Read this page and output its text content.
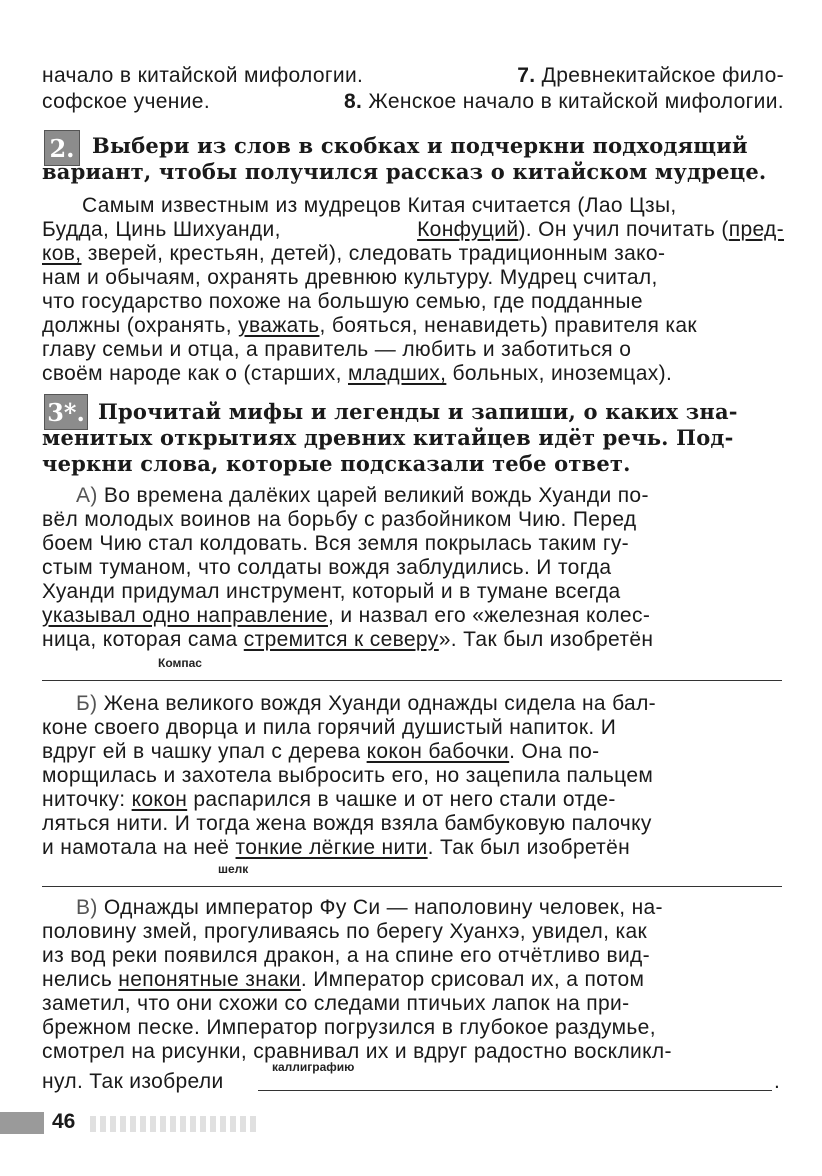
начало в китайской мифологии.	7. Древнекитайское фило-
софское учение.	8. Женское начало в китайской мифологии.
2. Выбери из слов в скобках и подчеркни подходящий
вариант, чтобы получился рассказ о китайском мудреце.
Самым известным из мудрецов Китая считается (Лао Цзы,
Будда, Цинь Шихуанди,	Конфуций). Он учил почитать (пред-
ков, зверей, крестьян, детей), следовать традиционным зако-
нам и обычаям, охранять древнюю культуру. Мудрец считал,
что государство похоже на большую семью, где подданные
должны (охранять, уважать, бояться, ненавидеть) правителя как
главу семьи и отца, а правитель — любить и заботиться о
своём народе как о (старших, младших, больных, иноземцах).
3*. Прочитай мифы и легенды и запиши, о каких зна-
менитых открытиях древних китайцев идёт речь. Под-
черкни слова, которые подсказали тебе ответ.
А) Во времена далёких царей великий вождь Хуанди по-
вёл молодых воинов на борьбу с разбойником Чию. Перед
боем Чию стал колдовать. Вся земля покрылась таким гу-
стым туманом, что солдаты вождя заблудились. И тогда
Хуанди придумал инструмент, который и в тумане всегда
указывал одно направление, и назвал его «железная колес-
ница, которая сама стремится к северу». Так был изобретён
Компас
Б) Жена великого вождя Хуанди однажды сидела на бал-
коне своего дворца и пила горячий душистый напиток. И
вдруг ей в чашку упал с дерева кокон бабочки. Она по-
морщилась и захотела выбросить его, но зацепила пальцем
ниточку: кокон распарился в чашке и от него стали отде-
ляться нити. И тогда жена вождя взяла бамбуковую палочку
и намотала на неё тонкие лёгкие нити. Так был изобретён
шелк
В) Однажды император Фу Си — наполовину человек, на-
половину змей, прогуливаясь по берегу Хуанхэ, увидел, как
из вод реки появился дракон, а на спине его отчётливо вид-
нелись непонятные знаки. Император срисовал их, а потом
заметил, что они схожи со следами птичьих лапок на при-
брежном песке. Император погрузился в глубокое раздумье,
смотрел на рисунки, сравнивал их и вдруг радостно воскликл-
каллиграфию
нул. Так изобрели	.
46
